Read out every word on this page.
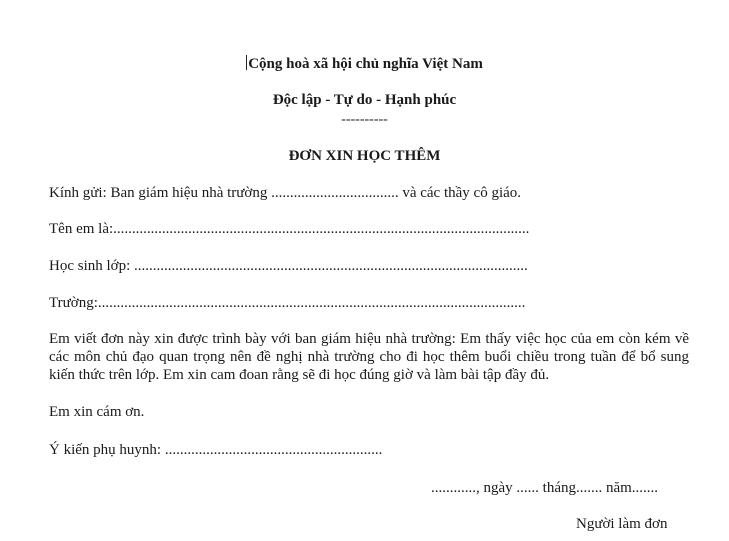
Cộng hoà xã hội chủ nghĩa Việt Nam
Độc lập - Tự do - Hạnh phúc
----------
ĐƠN XIN HỌC THÊM
Kính gửi: Ban giám hiệu nhà trường .................................. và các thầy cô giáo.
Tên em là:...............................................................................................................
Học sinh lớp: .........................................................................................................
Trường:..................................................................................................................
Em viết đơn này xin được trình bày với ban giám hiệu nhà trường: Em thấy việc học của em còn kém về các môn chủ đạo quan trọng nên đề nghị nhà trường cho đi học thêm buổi chiều trong tuần để bổ sung kiến thức trên lớp. Em xin cam đoan rằng sẽ đi học đúng giờ và làm bài tập đầy đủ.
Em xin cám ơn.
Ý kiến phụ huynh: ..........................................................
............, ngày ...... tháng....... năm.......
Người làm đơn
